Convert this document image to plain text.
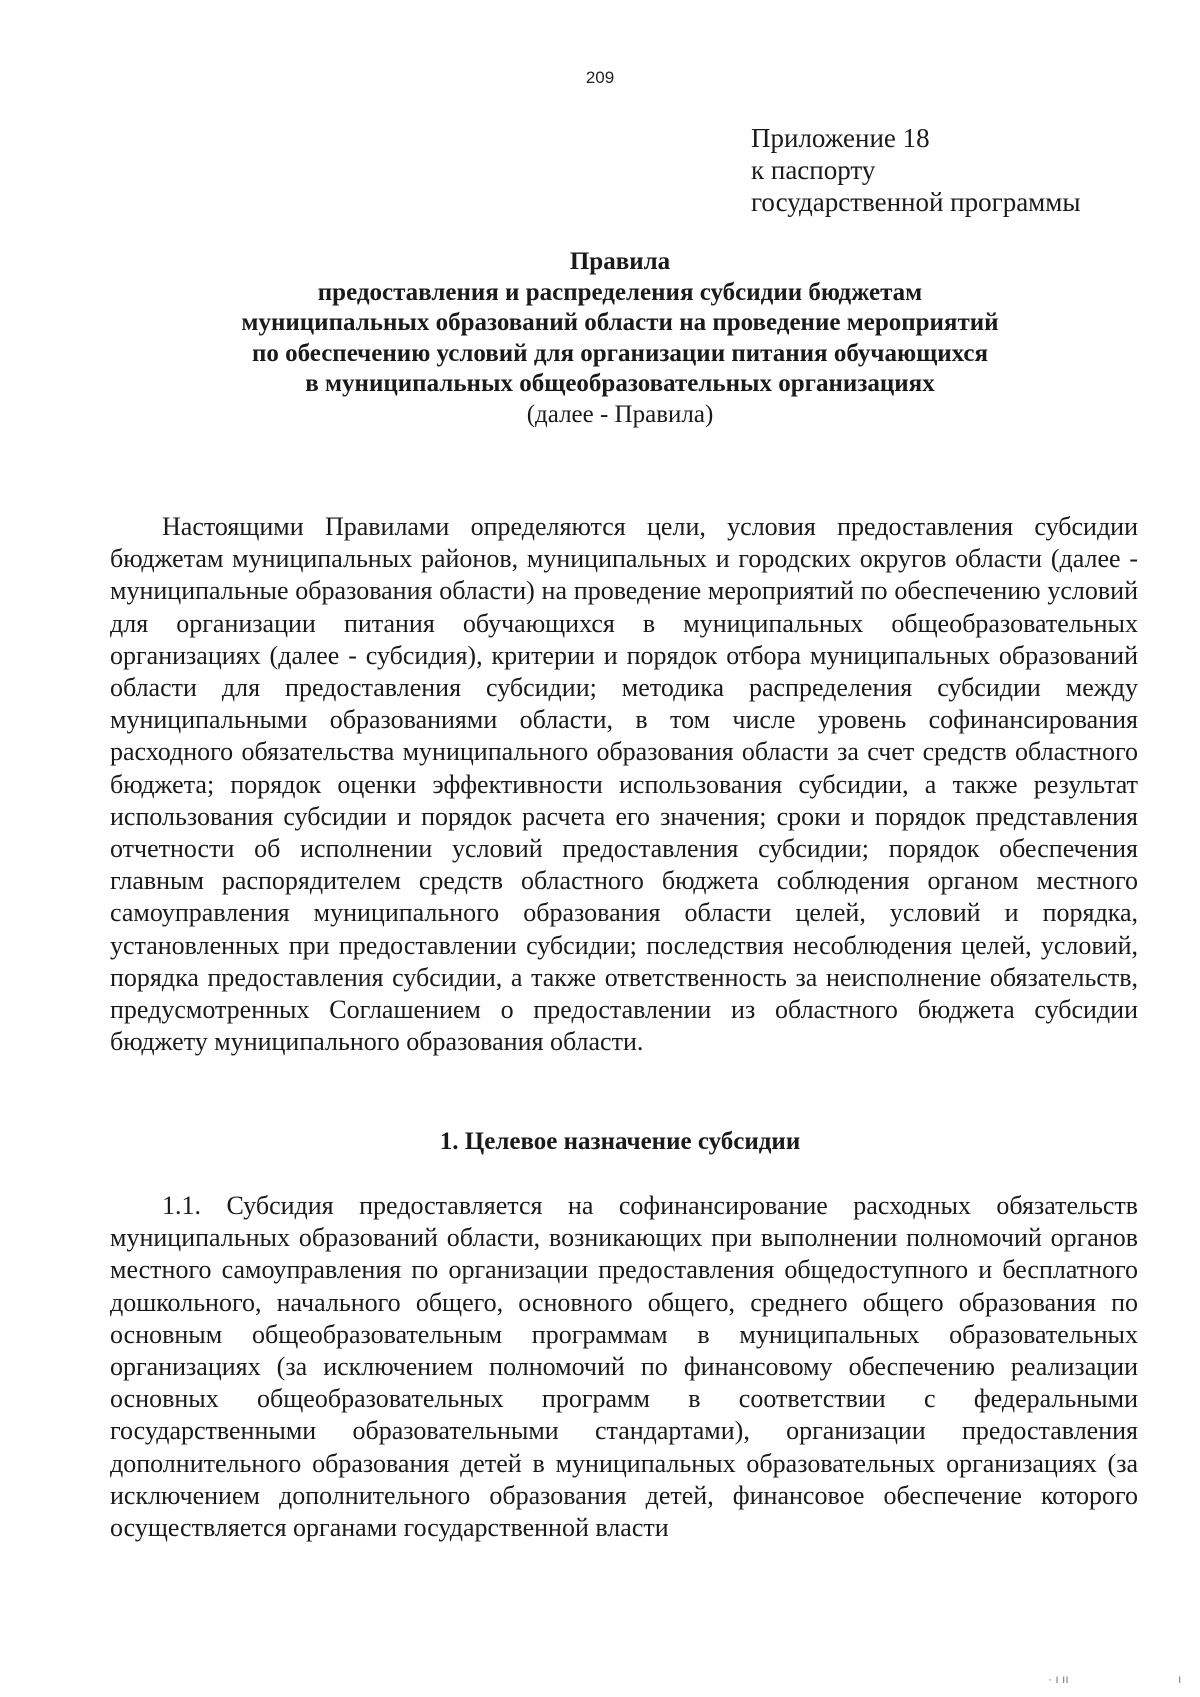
209
Приложение 18
к паспорту
государственной программы
Правила
предоставления и распределения субсидии бюджетам
муниципальных образований области на проведение мероприятий
по обеспечению условий для организации питания обучающихся
в муниципальных общеобразовательных организациях
(далее - Правила)

Настоящими Правилами определяются цели, условия предоставления субсидии бюджетам муниципальных районов, муниципальных и городских округов области (далее - муниципальные образования области) на проведение мероприятий по обеспечению условий для организации питания обучающихся в муниципальных общеобразовательных организациях (далее - субсидия), критерии и порядок отбора муниципальных образований области для предоставления субсидии; методика распределения субсидии между муниципальными образованиями области, в том числе уровень софинансирования расходного обязательства муниципального образования области за счет средств областного бюджета; порядок оценки эффективности использования субсидии, а также результат использования субсидии и порядок расчета его значения; сроки и порядок представления отчетности об исполнении условий предоставления субсидии; порядок обеспечения главным распорядителем средств областного бюджета соблюдения органом местного самоуправления муниципального образования области целей, условий и порядка, установленных при предоставлении субсидии; последствия несоблюдения целей, условий, порядка предоставления субсидии, а также ответственность за неисполнение обязательств, предусмотренных Соглашением о предоставлении из областного бюджета субсидии бюджету муниципального образования области.

1. Целевое назначение субсидии

1.1. Субсидия предоставляется на софинансирование расходных обязательств муниципальных образований области, возникающих при выполнении полномочий органов местного самоуправления по организации предоставления общедоступного и бесплатного дошкольного, начального общего, основного общего, среднего общего образования по основным общеобразовательным программам в муниципальных образовательных организациях (за исключением полномочий по финансовому обеспечению реализации основных общеобразовательных программ в соответствии с федеральными государственными образовательными стандартами), организации предоставления дополнительного образования детей в муниципальных образовательных организациях (за исключением дополнительного образования детей, финансовое обеспечение которого осуществляется органами государственной власти

· ı ıı	ı
